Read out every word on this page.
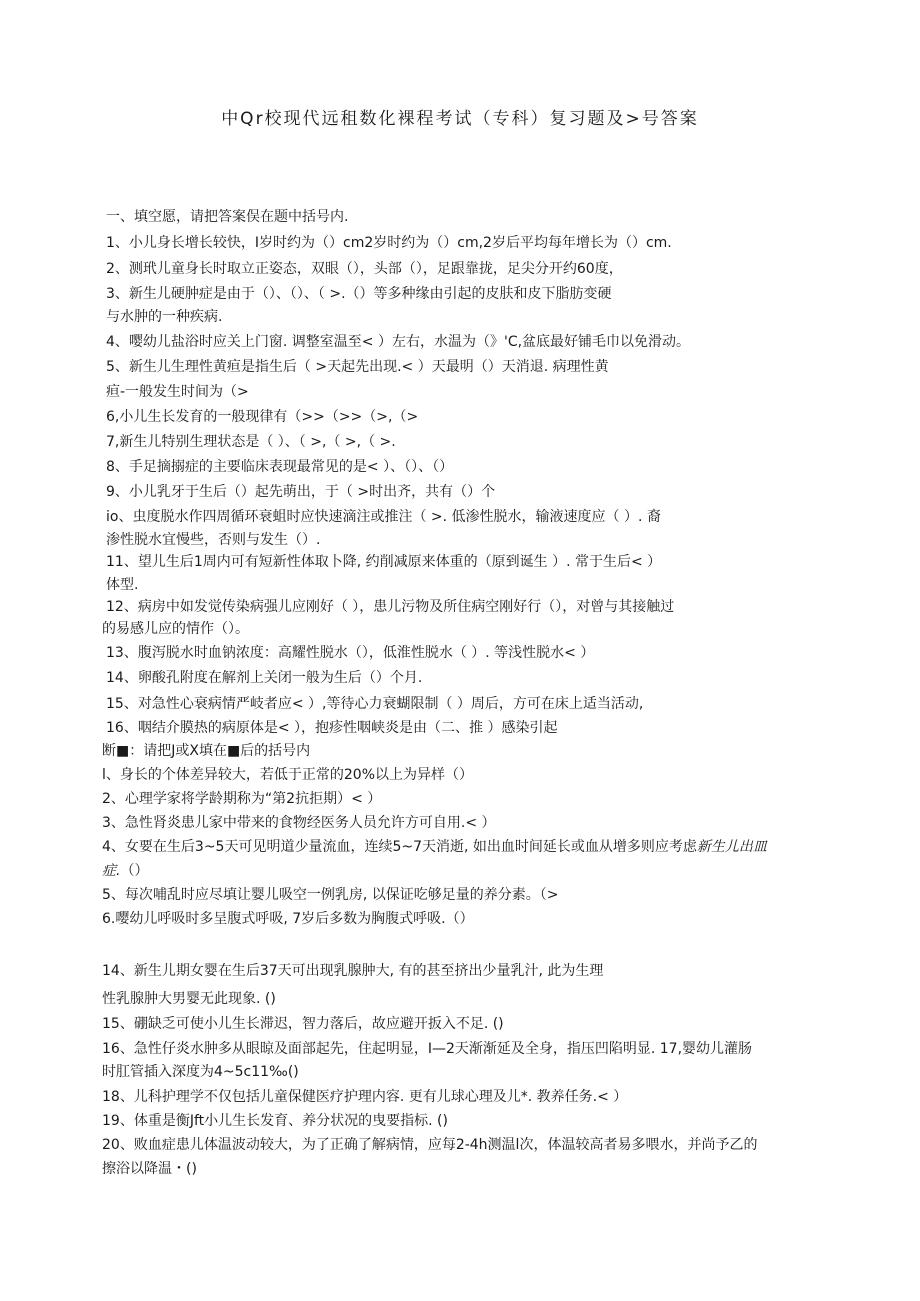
中Qr校现代远租数化裸程考试（专科）复习题及>号答案
一、填空愿，请把答案俣在题中括号内.
1、小儿身长增长较快，I岁时约为（）cm2岁时约为（）cm,2岁后平均每年增长为（）cm.
2、测玳儿童身长时取立正姿态，双眼（），头部（），足跟靠拢，足尖分开约60度，
3、新生儿硬肿症是由于（）、（）、（ >.（）等多种缘由引起的皮肤和皮下脂肪变硬
与水肿的一种疾病.
4、嘤幼儿盐浴时应关上门窗. 调整室温至< ）左右，水温为（》'C,盆底最好铺毛巾以免滑动。
5、新生儿生理性黄疸是指生后（ >天起先出现.< ）天最明（）天消退. 病理性黄
疸-一般发生时间为（>
6,小儿生长发育的一般现律有（>>（>>（>,（>
7,新生儿特别生理状态是（ ）、（ >,（ >,（ >.
8、手足摘搦症的主要临床表现最常见的是< ）、（）、（）
9、小儿乳牙于生后（）起先萌出，于（ >时出齐，共有（）个
io、虫度脱水作四周循环衰蛆时应快速滴注或推注（ >. 低渗性脱水，输液速度应（ ）. 裔
渗性脱水宜慢些，否则与发生（）.
11、望儿生后1周内可有短新性体取卜降, 约削减原来体重的（原到诞生 ）. 常于生后< ）
体型.
12、病房中如发觉传染病强儿应刚好（ ），患儿污物及所住病空刚好行（），对曾与其接触过
的易感儿应的情作（）。
13、腹泻脱水时血钠浓度：高耀性脱水（），低淮性脱水（ ）. 等浅性脱水< ）
14、卵酸孔附度在解剂上关闭一般为生后（）个月.
15、对急性心衰病情严岐者应< ）,等待心力衰蝴限制（ ）周后，方可在床上适当活动,
16、咽结介膜热的病原体是< ），抱疹性咽峡炎是由（二、推 ）感染引起
断■：请把J或X填在■后的括号内
l、身长的个体差异较大，若低于正常的20%以上为异样（）
2、心理学家将学龄期称为“第2抗拒期）< ）
3、急性肾炎患儿家中带来的食物经医务人员允许方可自用.< ）
4、女要在生后3~5天可见明道少量流血，连续5~7天消逝, 如出血时间延长或血从增多则应考虑新生儿出皿
症.（）
5、每次哺乱时应尽填让婴儿吸空一例乳房, 以保证吃够足量的养分素。（>
6.嘤幼儿呼吸时多呈腹式呼吸, 7岁后多数为胸腹式呼吸.（）
14、新生儿期女婴在生后37天可出现乳腺肿大, 有的甚至挤出少量乳汁, 此为生理
性乳腺肿大男婴无此现象. ()
15、硼缺乏可使小儿生长滞迟，智力落后，故应避开扳入不足. ()
16、急性仔炎水肿多从眼晾及面部起先，住起明显，I—2天渐渐延及全身，指压凹陷明显. 17,婴幼儿灌肠
时肛管插入深度为4~5c11‰()
18、儿科护理学不仅包括儿童保健医疗护理内容. 更有儿球心理及儿*. 教养任务.< ）
19、体重是衡Jft小儿生长发育、养分状况的曳要指标. ()
20、败血症患儿体温波动较大，为了正确了解病情，应每2-4h测温l次，体温较高者易多喂水，并尚予乙的
擦浴以降温・()
